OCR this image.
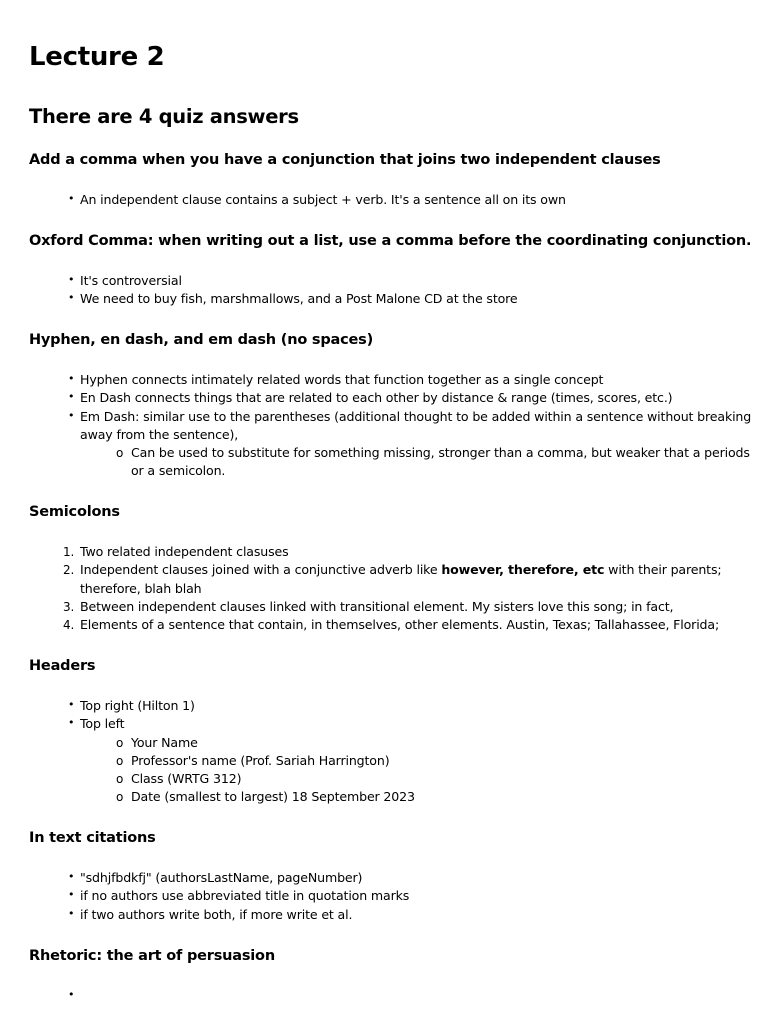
Lecture 2
There are 4 quiz answers
Add a comma when you have a conjunction that joins two independent clauses
• An independent clause contains a subject + verb. It's a sentence all on its own
Oxford Comma: when writing out a list, use a comma before the coordinating conjunction.
• It's controversial
• We need to buy fish, marshmallows, and a Post Malone CD at the store
Hyphen, en dash, and em dash (no spaces)
• Hyphen connects intimately related words that function together as a single concept
• En Dash connects things that are related to each other by distance & range (times, scores, etc.)
• Em Dash: similar use to the parentheses (additional thought to be added within a sentence without breaking away from the sentence),
o Can be used to substitute for something missing, stronger than a comma, but weaker that a periods or a semicolon.
Semicolons
1. Two related independent clasuses
2. Independent clauses joined with a conjunctive adverb like however, therefore, etc with their parents; therefore, blah blah
3. Between independent clauses linked with transitional element. My sisters love this song; in fact,
4. Elements of a sentence that contain, in themselves, other elements. Austin, Texas; Tallahassee, Florida;
Headers
• Top right (Hilton 1)
• Top left
o Your Name
o Professor's name (Prof. Sariah Harrington)
o Class (WRTG 312)
o Date (smallest to largest) 18 September 2023
In text citations
• "sdhjfbdkfj" (authorsLastName, pageNumber)
• if no authors use abbreviated title in quotation marks
• if two authors write both, if more write et al.
Rhetoric: the art of persuasion
•
